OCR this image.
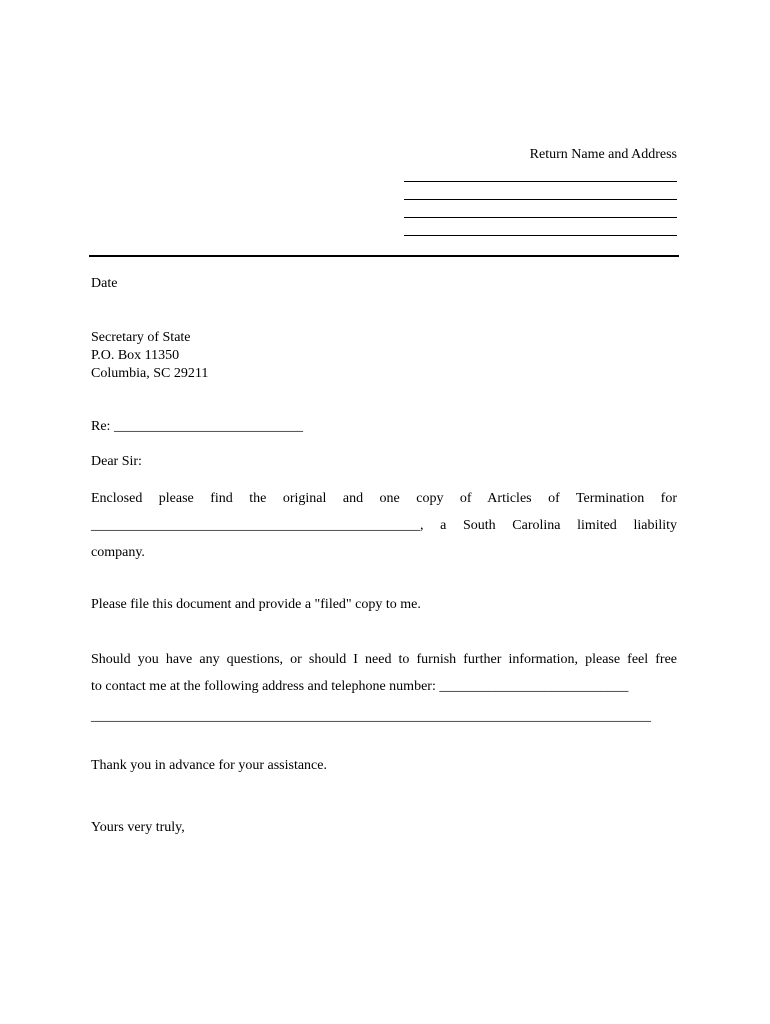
Return Name and Address
Date
Secretary of State
P.O. Box 11350
Columbia, SC 29211
Re: ___________________________
Dear Sir:
Enclosed please find the original and one copy of Articles of Termination for
_______________________________________________, a South Carolina limited liability
company.
Please file this document and provide a "filed" copy to me.
Should you have any questions, or should I need to furnish further information, please feel free
to contact me at the following address and telephone number: ___________________________
________________________________________________________________________________
Thank you in advance for your assistance.
Yours very truly,
